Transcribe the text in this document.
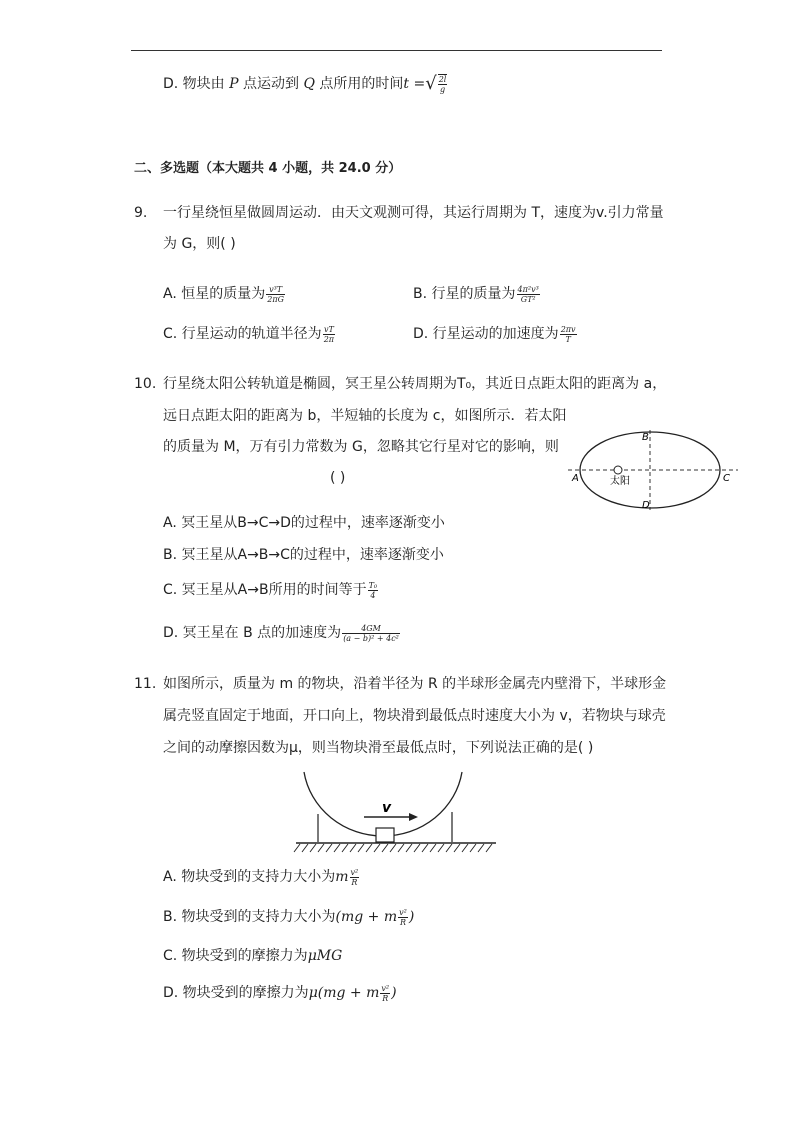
D. 物块由 P 点运动到 Q 点所用的时间t =√ $\frac{2l}{g}$
二、多选题（本大题共 4 小题，共 24.0 分）
9. 一行星绕恒星做圆周运动．由天文观测可得，其运行周期为 T，速度为v.引力常量
为 G，则( )
A. 恒星的质量为 $\frac{\text{v³T}}{2\pi G}$	B. 行星的质量为 $\frac{\text{4π²v³}}{\text{GT²}}$
C. 行星运动的轨道半径为 $\frac{vT}{2\pi}$	D. 行星运动的加速度为 $\frac{2\pi v}{T}$
10. 行星绕太阳公转轨道是椭圆，冥王星公转周期为T₀，其近日点距太阳的距离为 a，
远日点距太阳的距离为 b，半短轴的长度为 c，如图所示．若太阳
的质量为 M，万有引力常数为 G，忽略其它行星对它的影响，则
( )	太阳
A
B
C
D
A. 冥王星从B→C→D的过程中，速率逐渐变小
B. 冥王星从A→B→C的过程中，速率逐渐变小
C. 冥王星从A→B所用的时间等于 $\frac{\text{T₀}}{4}$
D. 冥王星在 B 点的加速度为 $\frac{4GM}{\text{(a − b)² + 4c²}}$
11. 如图所示，质量为 m 的物块，沿着半径为 R 的半球形金属壳内壁滑下，半球形金
属壳竖直固定于地面，开口向上，物块滑到最低点时速度大小为 v，若物块与球壳
之间的动摩擦因数为μ，则当物块滑至最低点时，下列说法正确的是( )
v
A. 物块受到的支持力大小为m $\frac{\text{v²}}{R}$
B. 物块受到的支持力大小为(mg + m $\frac{\text{v²}}{R}$ )
C. 物块受到的摩擦力为μMG
D. 物块受到的摩擦力为μ(mg + m $\frac{\text{v²}}{R}$ )
